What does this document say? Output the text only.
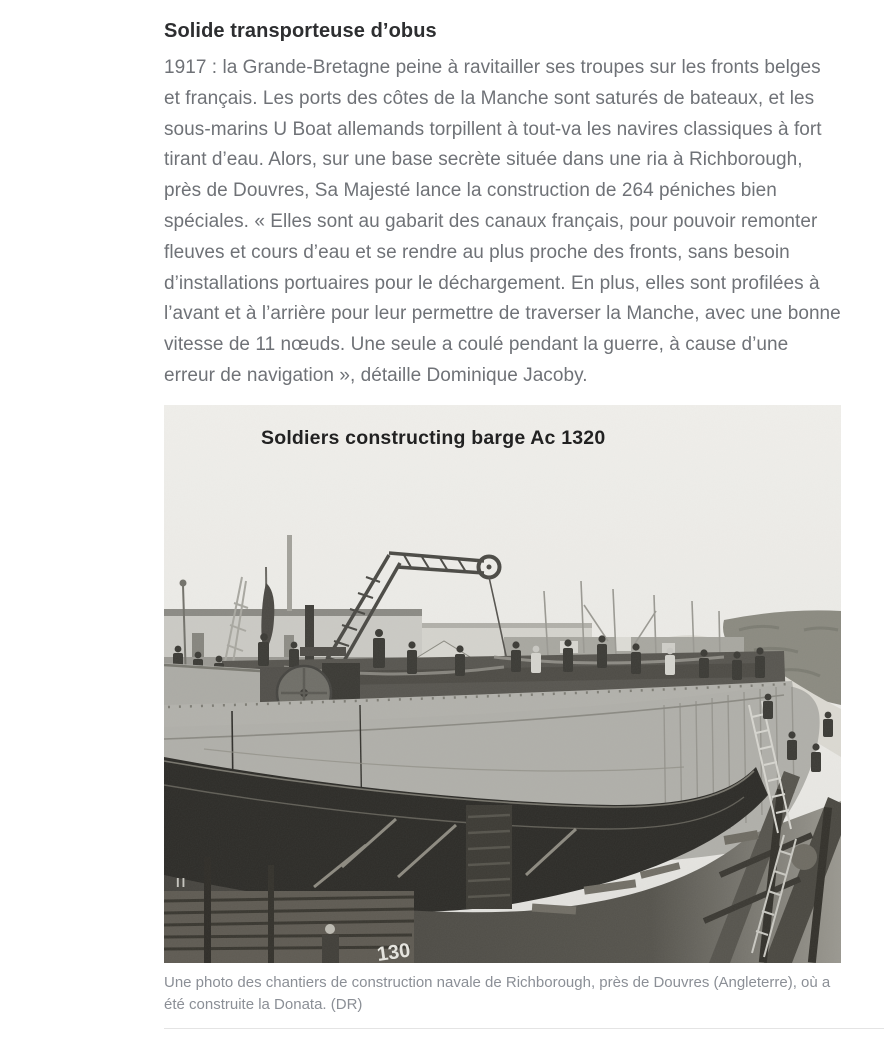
Solide transporteuse d’obus

1917 : la Grande-Bretagne peine à ravitailler ses troupes sur les fronts belges et français. Les ports des côtes de la Manche sont saturés de bateaux, et les sous-marins U Boat allemands torpillent à tout-va les navires classiques à fort tirant d’eau. Alors, sur une base secrète située dans une ria à Richborough, près de Douvres, Sa Majesté lance la construction de 264 péniches bien spéciales. « Elles sont au gabarit des canaux français, pour pouvoir remonter fleuves et cours d’eau et se rendre au plus proche des fronts, sans besoin d’installations portuaires pour le déchargement. En plus, elles sont profilées à l’avant et à l’arrière pour leur permettre de traverser la Manche, avec une bonne vitesse de 11 nœuds. Une seule a coulé pendant la guerre, à cause d’une erreur de navigation », détaille Dominique Jacoby.

Une photo des chantiers de construction navale de Richborough, près de Douvres (Angleterre), où a été construite la Donata. (DR)
